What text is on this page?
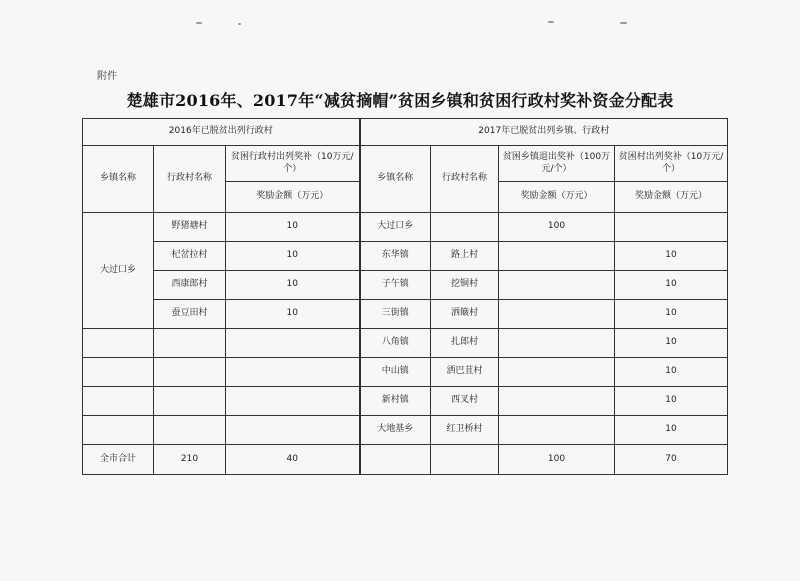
附件
楚雄市2016年、2017年“减贫摘帽”贫困乡镇和贫困行政村奖补资金分配表
2016年已脱贫出列行政村			2017年已脱贫出列乡镇、行政村			
乡镇名称	行政村名称	贫困行政村出列奖补（10万元/个）	乡镇名称	行政村名称	贫困乡镇退出奖补（100万元/个）	贫困村出列奖补（10万元/个）
		奖励金额（万元）			奖励金额（万元）	奖励金额（万元）
大过口乡	野猪塘村	10	大过口乡		100	
	杞岔拉村	10	东华镇	路上村		10
	西康郎村	10	子午镇	挖铜村		10
	蚕豆田村	10	三街镇	洒簸村		10
			八角镇	扎郎村		10
			中山镇	洒巴苴村		10
			新村镇	西叉村		10
			大地基乡	红卫桥村		10
全市合计	210	40			100	70
